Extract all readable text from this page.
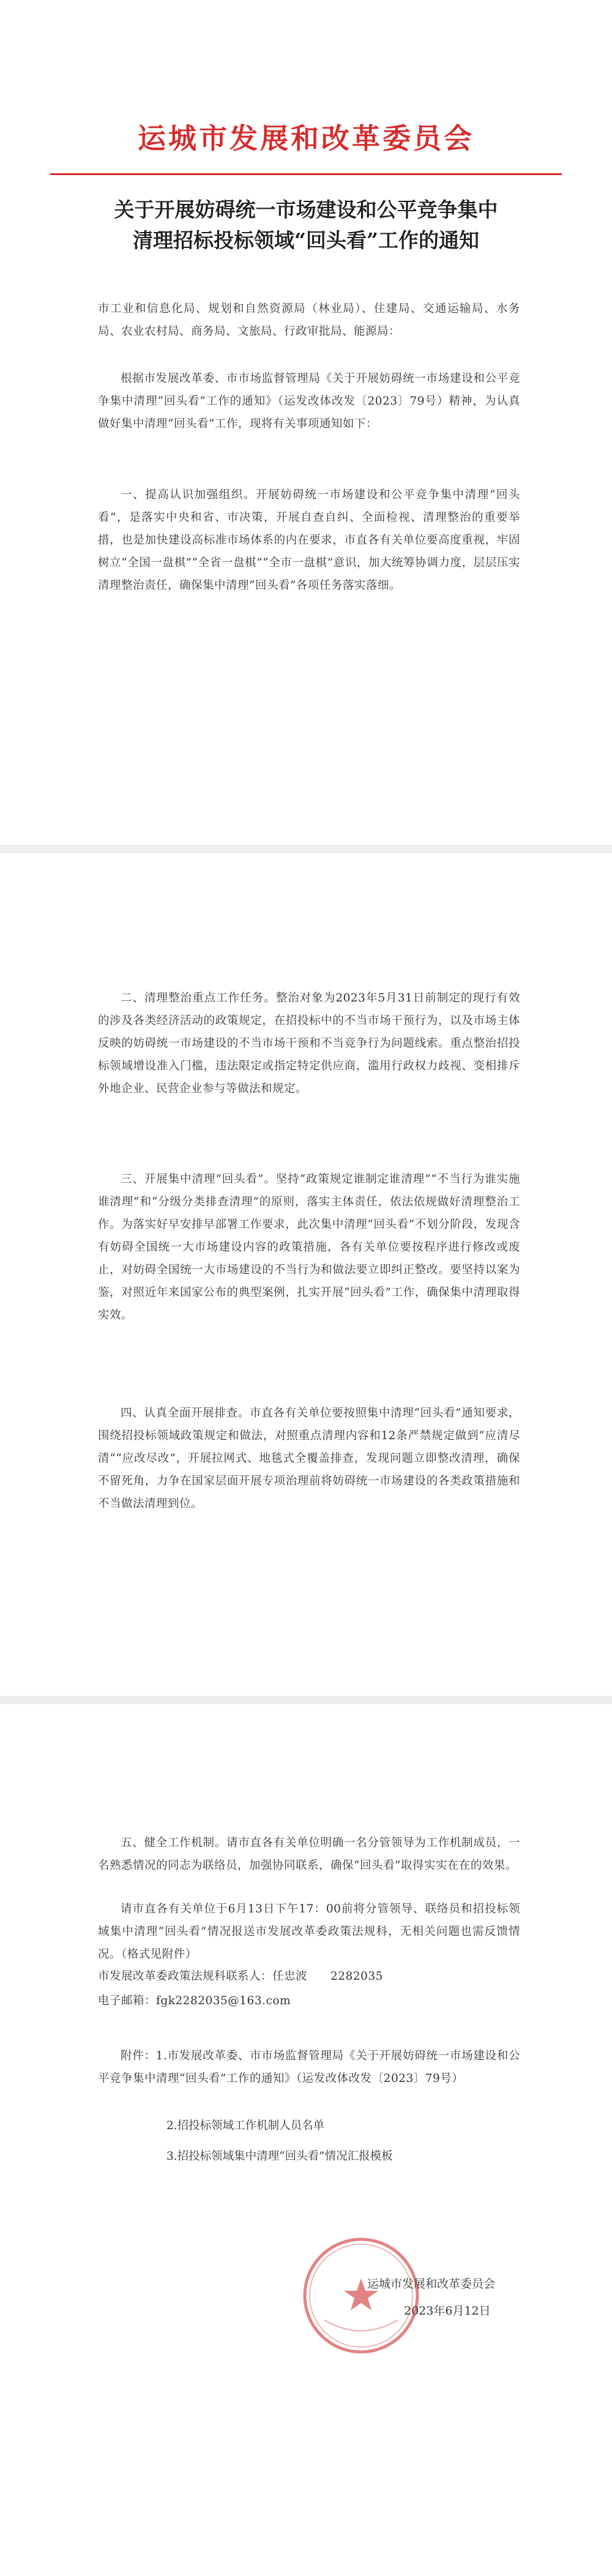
运城市发展和改革委员会
关于开展妨碍统一市场建设和公平竞争集中
清理招标投标领域“回头看”工作的通知
市工业和信息化局、规划和自然资源局（林业局）、住建局、交通运输局、水务局、农业农村局、商务局、文旅局、行政审批局、能源局：
根据市发展改革委、市市场监督管理局《关于开展妨碍统一市场建设和公平竞争集中清理“回头看”工作的通知》（运发改体改发〔2023〕79号）精神，为认真做好集中清理“回头看”工作，现将有关事项通知如下：
一、提高认识加强组织。开展妨碍统一市场建设和公平竞争集中清理“回头看”，是落实中央和省、市决策，开展自查自纠、全面检视、清理整治的重要举措，也是加快建设高标准市场体系的内在要求，市直各有关单位要高度重视，牢固树立“全国一盘棋”“全省一盘棋”“全市一盘棋”意识，加大统筹协调力度，层层压实清理整治责任，确保集中清理“回头看”各项任务落实落细。
二、清理整治重点工作任务。整治对象为2023年5月31日前制定的现行有效的涉及各类经济活动的政策规定，在招投标中的不当市场干预行为，以及市场主体反映的妨碍统一市场建设的不当市场干预和不当竞争行为问题线索。重点整治招投标领域增设准入门槛，违法限定或指定特定供应商，滥用行政权力歧视、变相排斥外地企业、民营企业参与等做法和规定。
三、开展集中清理“回头看”。坚持“政策规定谁制定谁清理”“不当行为谁实施谁清理”和“分级分类排查清理”的原则，落实主体责任，依法依规做好清理整治工作。为落实好早安排早部署工作要求，此次集中清理“回头看”不划分阶段，发现含有妨碍全国统一大市场建设内容的政策措施，各有关单位要按程序进行修改或废止，对妨碍全国统一大市场建设的不当行为和做法要立即纠正整改。要坚持以案为鉴，对照近年来国家公布的典型案例，扎实开展“回头看”工作，确保集中清理取得实效。
四、认真全面开展排查。市直各有关单位要按照集中清理“回头看”通知要求，围绕招投标领域政策规定和做法，对照重点清理内容和12条严禁规定做到“应清尽清”“应改尽改”，开展拉网式、地毯式全覆盖排查，发现问题立即整改清理，确保不留死角，力争在国家层面开展专项治理前将妨碍统一市场建设的各类政策措施和不当做法清理到位。
五、健全工作机制。请市直各有关单位明确一名分管领导为工作机制成员，一名熟悉情况的同志为联络员，加强协同联系，确保“回头看”取得实实在在的效果。
请市直各有关单位于6月13日下午17：00前将分管领导、联络员和招投标领域集中清理“回头看”情况报送市发展改革委政策法规科，无相关问题也需反馈情况。（格式见附件）
市发展改革委政策法规科联系人：任忠波　　2282035
电子邮箱：fgk2282035@163.com
附件：1.市发展改革委、市市场监督管理局《关于开展妨碍统一市场建设和公平竞争集中清理“回头看”工作的通知》（运发改体改发〔2023〕79号）
2.招投标领域工作机制人员名单
3.招投标领域集中清理“回头看”情况汇报模板
运城市发展和改革委员会
2023年6月12日
